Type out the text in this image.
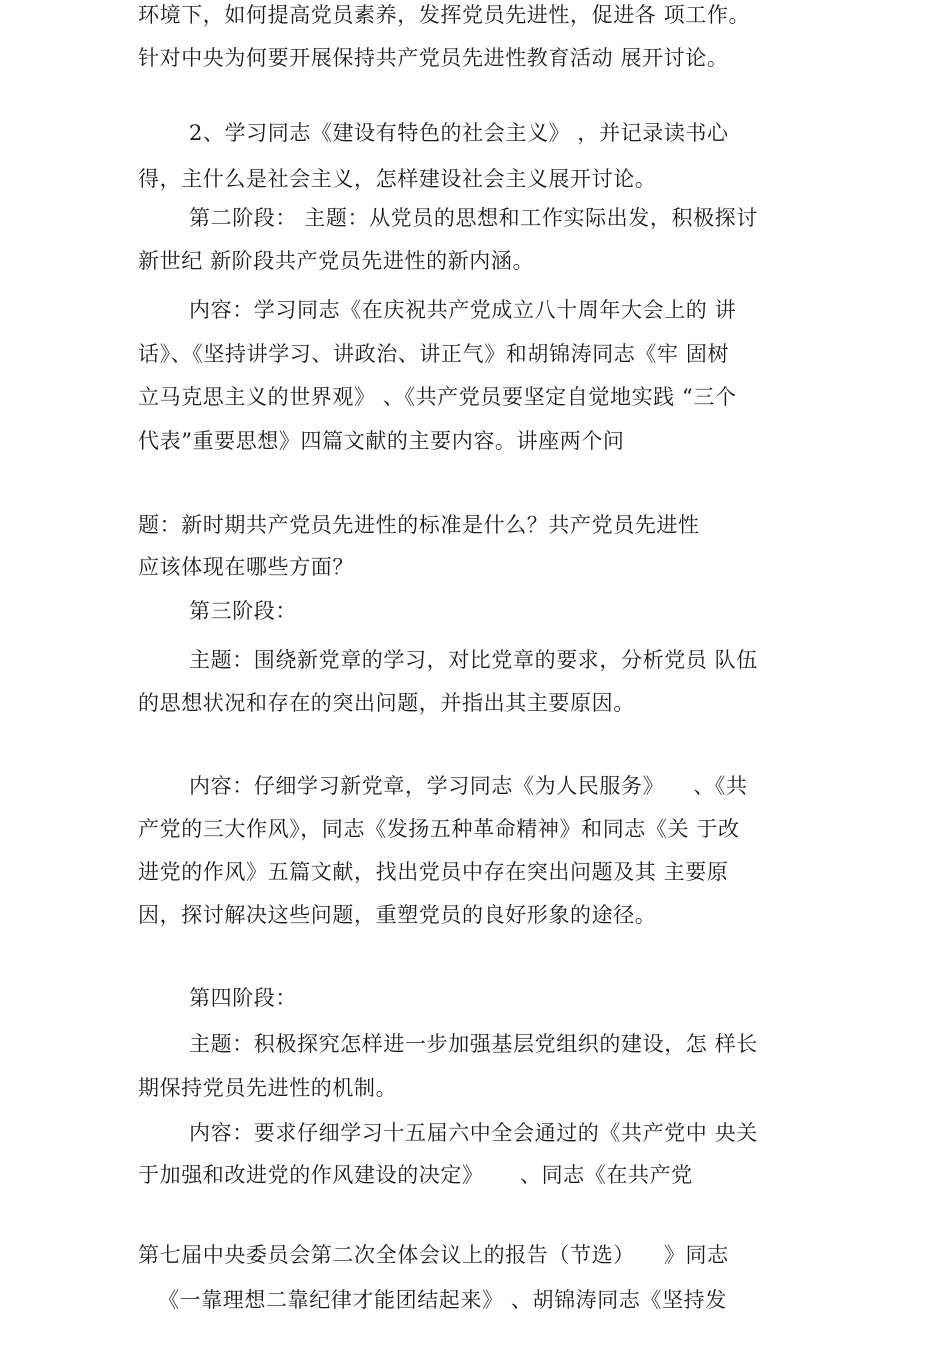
环境下，如何提高党员素养，发挥党员先进性，促进各 项工作。
针对中央为何要开展保持共产党员先进性教育活动 展开讨论。
2、学习同志《建设有特色的社会主义》 ，并记录读书心
得，主什么是社会主义，怎样建设社会主义展开讨论。
第二阶段： 主题：从党员的思想和工作实际出发，积极探讨
新世纪 新阶段共产党员先进性的新内涵。
内容：学习同志《在庆祝共产党成立八十周年大会上的 讲
话》、《坚持讲学习、讲政治、讲正气》和胡锦涛同志《牢 固树
立马克思主义的世界观》 、《共产党员要坚定自觉地实践 “三个
代表”重要思想》四篇文献的主要内容。讲座两个问
题：新时期共产党员先进性的标准是什么？共产党员先进性
应该体现在哪些方面？
第三阶段：
主题：围绕新党章的学习，对比党章的要求，分析党员 队伍
的思想状况和存在的突出问题，并指出其主要原因。
内容：仔细学习新党章，学习同志《为人民服务》    、《共
产党的三大作风》，同志《发扬五种革命精神》和同志《关 于改
进党的作风》五篇文献，找出党员中存在突出问题及其 主要原
因，探讨解决这些问题，重塑党员的良好形象的途径。
第四阶段：
主题：积极探究怎样进一步加强基层党组织的建设，怎 样长
期保持党员先进性的机制。
内容：要求仔细学习十五届六中全会通过的《共产党中 央关
于加强和改进党的作风建设的决定》     、同志《在共产党
第七届中央委员会第二次全体会议上的报告（节选）    》同志
《一靠理想二靠纪律才能团结起来》 、胡锦涛同志《坚持发
